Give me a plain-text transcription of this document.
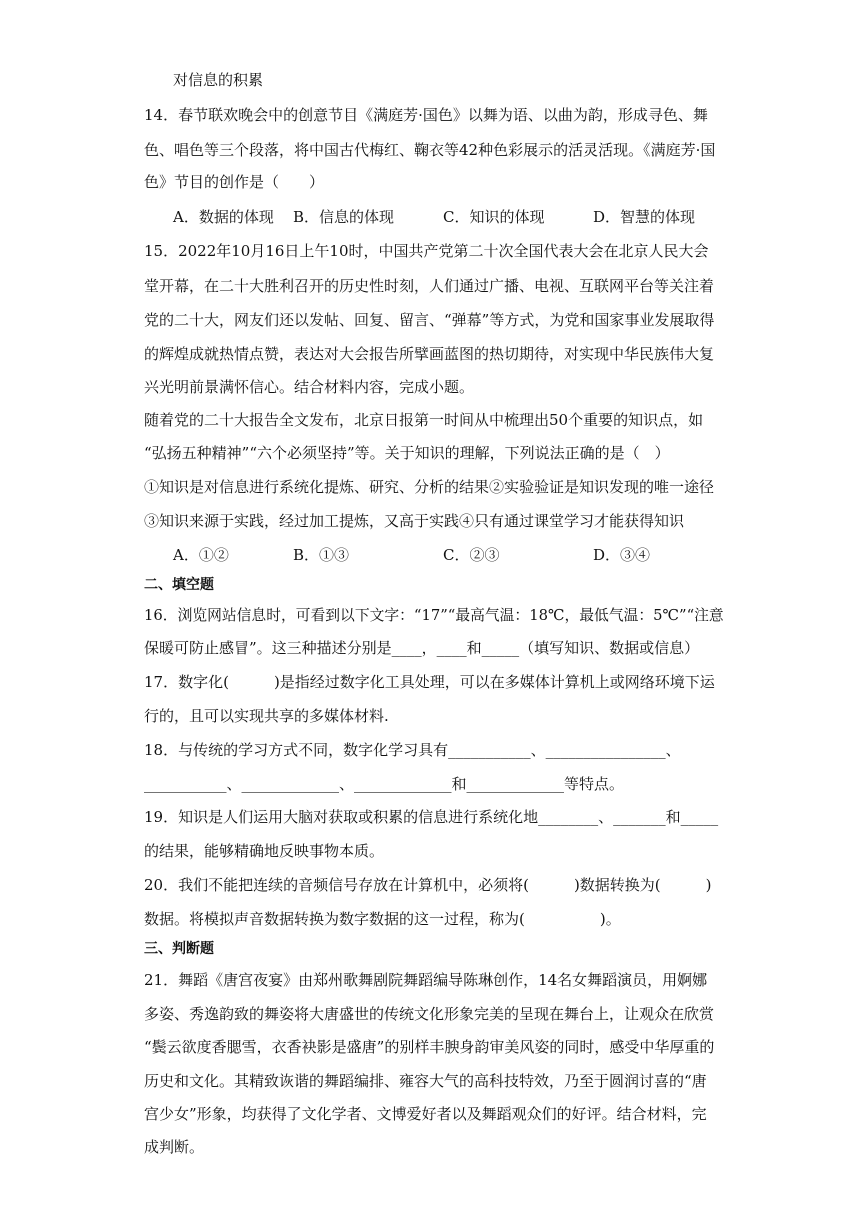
对信息的积累
14．春节联欢晚会中的创意节目《满庭芳·国色》以舞为语、以曲为韵，形成寻色、舞
色、唱色等三个段落，将中国古代梅红、鞠衣等42种色彩展示的活灵活现。《满庭芳·国
色》节目的创作是（　　）
A．数据的体现 B．信息的体现	C．知识的体现	D．智慧的体现
15．2022年10月16日上午10时，中国共产党第二十次全国代表大会在北京人民大会
堂开幕，在二十大胜利召开的历史性时刻，人们通过广播、电视、互联网平台等关注着
党的二十大，网友们还以发帖、回复、留言、“弹幕”等方式，为党和国家事业发展取得
的辉煌成就热情点赞，表达对大会报告所擘画蓝图的热切期待，对实现中华民族伟大复
兴光明前景满怀信心。结合材料内容，完成小题。
随着党的二十大报告全文发布，北京日报第一时间从中梳理出50个重要的知识点，如
“弘扬五种精神”“六个必须坚持”等。关于知识的理解，下列说法正确的是（　）
①知识是对信息进行系统化提炼、研究、分析的结果②实验验证是知识发现的唯一途径
③知识来源于实践，经过加工提炼，又高于实践④只有通过课堂学习才能获得知识
A．①②	B．①③	C．②③	D．③④
二、填空题
16．浏览网站信息时，可看到以下文字：“17”“最高气温：18℃，最低气温：5℃”“注意
保暖可防止感冒”。这三种描述分别是____，____和_____（填写知识、数据或信息）
17．数字化(　　　)是指经过数字化工具处理，可以在多媒体计算机上或网络环境下运
行的，且可以实现共享的多媒体材料.
18．与传统的学习方式不同，数字化学习具有___________、________________、
___________、_____________、_____________和_____________等特点。
19．知识是人们运用大脑对获取或积累的信息进行系统化地________、_______和_____
的结果，能够精确地反映事物本质。
20．我们不能把连续的音频信号存放在计算机中，必须将(　　　)数据转换为(　　　)
数据。将模拟声音数据转换为数字数据的这一过程，称为(　　　　　)。
三、判断题
21．舞蹈《唐宫夜宴》由郑州歌舞剧院舞蹈编导陈琳创作，14名女舞蹈演员，用婀娜
多姿、秀逸韵致的舞姿将大唐盛世的传统文化形象完美的呈现在舞台上，让观众在欣赏
“鬓云欲度香腮雪，衣香袂影是盛唐”的别样丰腴身韵审美风姿的同时，感受中华厚重的
历史和文化。其精致诙谐的舞蹈编排、雍容大气的高科技特效，乃至于圆润讨喜的“唐
宫少女”形象，均获得了文化学者、文博爱好者以及舞蹈观众们的好评。结合材料，完
成判断。
